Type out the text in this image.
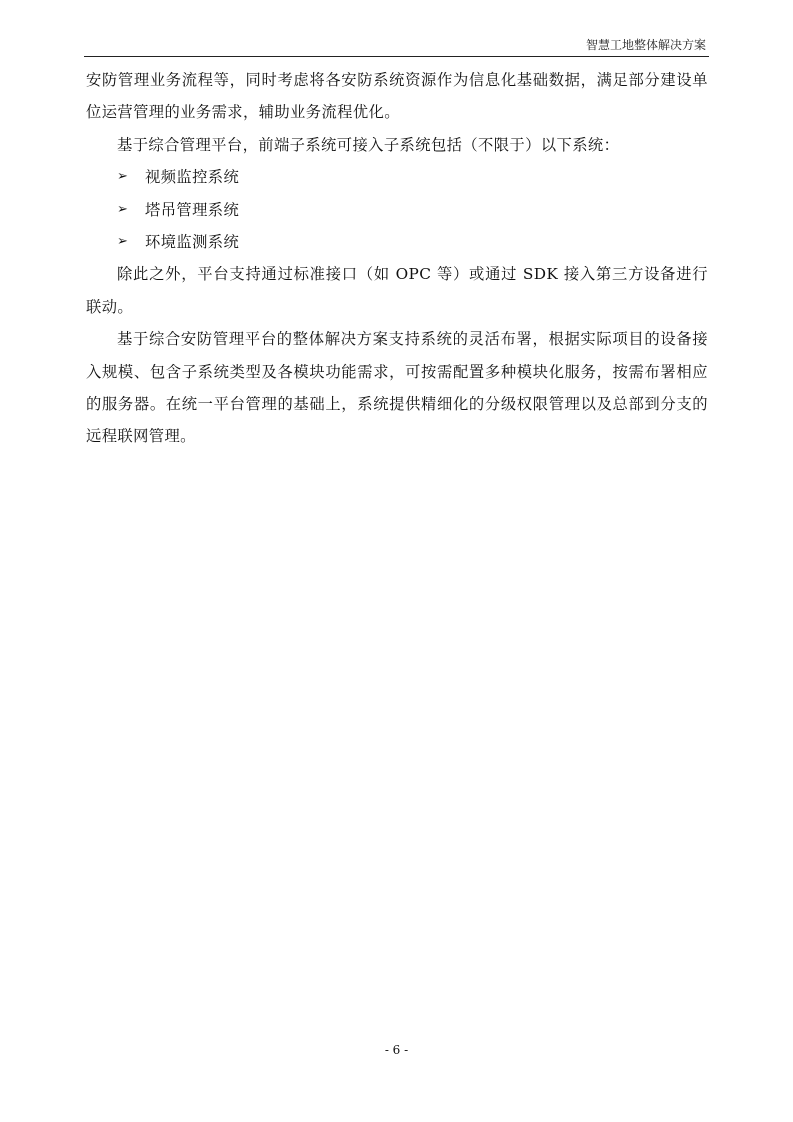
智慧工地整体解决方案

安防管理业务流程等，同时考虑将各安防系统资源作为信息化基础数据，满足部分建设单位运营管理的业务需求，辅助业务流程优化。

基于综合管理平台，前端子系统可接入子系统包括（不限于）以下系统：

➢	视频监控系统
➢	塔吊管理系统
➢	环境监测系统

除此之外，平台支持通过标准接口（如 OPC 等）或通过 SDK 接入第三方设备进行联动。

基于综合安防管理平台的整体解决方案支持系统的灵活布署，根据实际项目的设备接入规模、包含子系统类型及各模块功能需求，可按需配置多种模块化服务，按需布署相应的服务器。在统一平台管理的基础上，系统提供精细化的分级权限管理以及总部到分支的远程联网管理。

- 6 -
